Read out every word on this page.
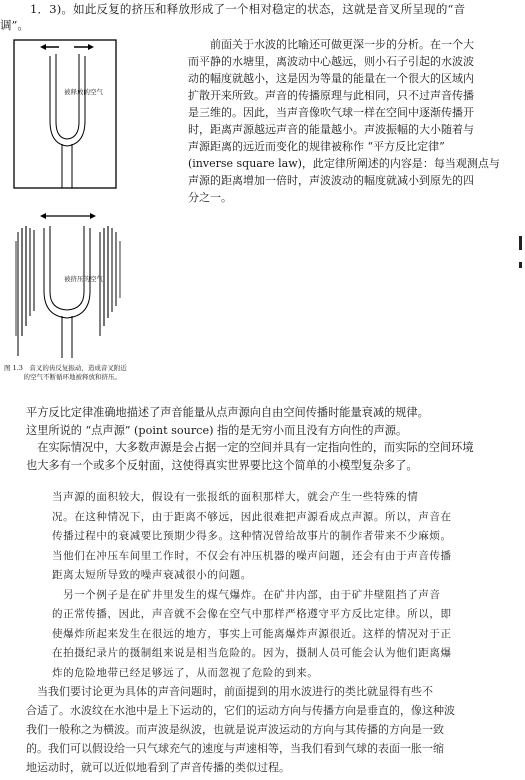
1．3)。如此反复的挤压和释放形成了一个相对稳定的状态，这就是音叉所呈现的“音
调”。
被释放的空气
被挤压的空气
图 1.3　音叉的齿反复振动，造成音叉附近
　　　的空气不断循环地被释放和挤压。

前面关于水波的比喻还可做更深一步的分析。在一个大

而平静的水塘里，离波动中心越远，则小石子引起的水波波

动的幅度就越小，这是因为等量的能量在一个很大的区域内

扩散开来所致。声音的传播原理与此相同，只不过声音传播

是三维的。因此，当声音像吹气球一样在空间中逐渐传播开

时，距离声源越远声音的能量越小。声波振幅的大小随着与

声源距离的远近而变化的规律被称作 “平方反比定律”

(inverse square law)，此定律所阐述的内容是：每当观测点与

声源的距离增加一倍时，声波波动的幅度就减小到原先的四

分之一。

平方反比定律准确地描述了声音能量从点声源向自由空间传播时能量衰减的规律。

这里所说的 “点声源” (point source) 指的是无穷小而且没有方向性的声源。

　在实际情况中，大多数声源是会占据一定的空间并具有一定指向性的，而实际的空间环境

也大多有一个或多个反射面，这使得真实世界要比这个简单的小模型复杂多了。

当声源的面积较大，假设有一张报纸的面积那样大，就会产生一些特殊的情

况。在这种情况下，由于距离不够远，因此很难把声源看成点声源。所以，声音在

传播过程中的衰减要比预期少得多。这种情况曾给故事片的制作者带来不少麻烦。

当他们在冲压车间里工作时，不仅会有冲压机器的噪声问题，还会有由于声音传播

距离太短所导致的噪声衰减很小的问题。

　另一个例子是在矿井里发生的煤气爆炸。在矿井内部，由于矿井壁阻挡了声音

的正常传播，因此，声音就不会像在空气中那样严格遵守平方反比定律。所以，即

使爆炸所起来发生在很远的地方，事实上可能离爆炸声源很近。这样的情况对于正

在拍摄纪录片的摄制组来说是相当危险的。因为，摄制人员可能会认为他们距离爆

炸的危险地带已经足够远了，从而忽视了危险的到来。

　当我们要讨论更为具体的声音问题时，前面提到的用水波进行的类比就显得有些不

合适了。水波纹在水池中是上下运动的，它们的运动方向与传播方向是垂直的，像这种波

我们一般称之为横波。而声波是纵波，也就是说声波运动的方向与其传播的方向是一致

的。我们可以假设给一只气球充气的速度与声速相等，当我们看到气球的表面一胀一缩

地运动时，就可以近似地看到了声音传播的类似过程。
